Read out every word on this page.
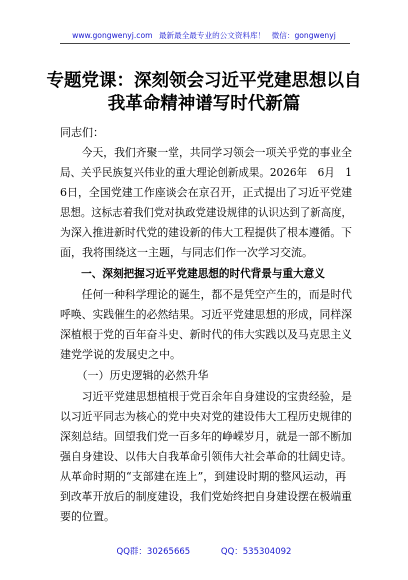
www.gongwenyj.com 最新最全最专业的公文资料库！ 微信：gongwenyj
专题党课：深刻领会习近平党建思想以自
我革命精神谱写时代新篇
同志们：
　　今天，我们齐聚一堂，共同学习领会一项关乎党的事业全
局、关乎民族复兴伟业的重大理论创新成果。2026年　6月　1
6日，全国党建工作座谈会在京召开，正式提出了习近平党建
思想。这标志着我们党对执政党建设规律的认识达到了新高度，
为深入推进新时代党的建设新的伟大工程提供了根本遵循。下
面，我将围绕这一主题，与同志们作一次学习交流。
　　一、深刻把握习近平党建思想的时代背景与重大意义
　　任何一种科学理论的诞生，都不是凭空产生的，而是时代
呼唤、实践催生的必然结果。习近平党建思想的形成，同样深
深植根于党的百年奋斗史、新时代的伟大实践以及马克思主义
建党学说的发展史之中。
　　（一）历史逻辑的必然升华
　　习近平党建思想植根于党百余年自身建设的宝贵经验，是
以习近平同志为核心的党中央对党的建设伟大工程历史规律的
深刻总结。回望我们党一百多年的峥嵘岁月，就是一部不断加
强自身建设、以伟大自我革命引领伟大社会革命的壮阔史诗。
从革命时期的“支部建在连上”，到建设时期的整风运动，再
到改革开放后的制度建设，我们党始终把自身建设摆在极端重
要的位置。
QQ群：30265665	QQ：535304092
